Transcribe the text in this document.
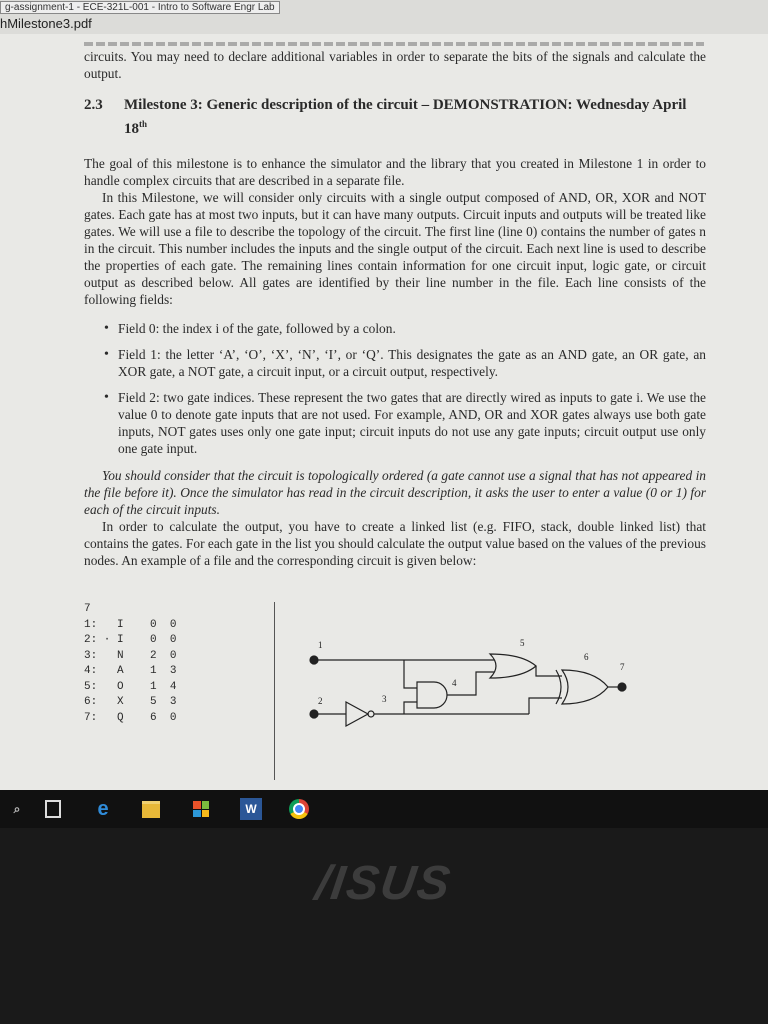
g-assignment-1 - ECE-321L-001 - Intro to Software Engr Lab
hMilestone3.pdf

circuits. You may need to declare additional variables in order to separate the bits of the signals and calculate the output.

2.3	Milestone 3: Generic description of the circuit – DEMONSTRATION: Wednesday April 18th

The goal of this milestone is to enhance the simulator and the library that you created in Milestone 1 in order to handle complex circuits that are described in a separate file.

In this Milestone, we will consider only circuits with a single output composed of AND, OR, XOR and NOT gates. Each gate has at most two inputs, but it can have many outputs. Circuit inputs and outputs will be treated like gates. We will use a file to describe the topology of the circuit. The first line (line 0) contains the number of gates n in the circuit. This number includes the inputs and the single output of the circuit. Each next line is used to describe the properties of each gate. The remaining lines contain information for one circuit input, logic gate, or circuit output as described below. All gates are identified by their line number in the file. Each line consists of the following fields:

• Field 0: the index i of the gate, followed by a colon.
• Field 1: the letter ‘A’, ‘O’, ‘X’, ‘N’, ‘I’, or ‘Q’. This designates the gate as an AND gate, an OR gate, an XOR gate, a NOT gate, a circuit input, or a circuit output, respectively.
• Field 2: two gate indices. These represent the two gates that are directly wired as inputs to gate i. We use the value 0 to denote gate inputs that are not used. For example, AND, OR and XOR gates always use both gate inputs, NOT gates uses only one gate input; circuit inputs do not use any gate inputs; circuit output use only one gate input.

You should consider that the circuit is topologically ordered (a gate cannot use a signal that has not appeared in the file before it). Once the simulator has read in the circuit description, it asks the user to enter a value (0 or 1) for each of the circuit inputs.

In order to calculate the output, you have to create a linked list (e.g. FIFO, stack, double linked list) that contains the gates. For each gate in the list you should calculate the output value based on the values of the previous nodes. An example of a file and the corresponding circuit is given below:

7
1:   I    0  0
2: · I    0  0
3:   N    2  0
4:   A    1  3
5:   O    1  4
6:   X    5  3
7:   Q    6  0
1
2	3
4
5
6
7
⌕	e	W
/ISUS
